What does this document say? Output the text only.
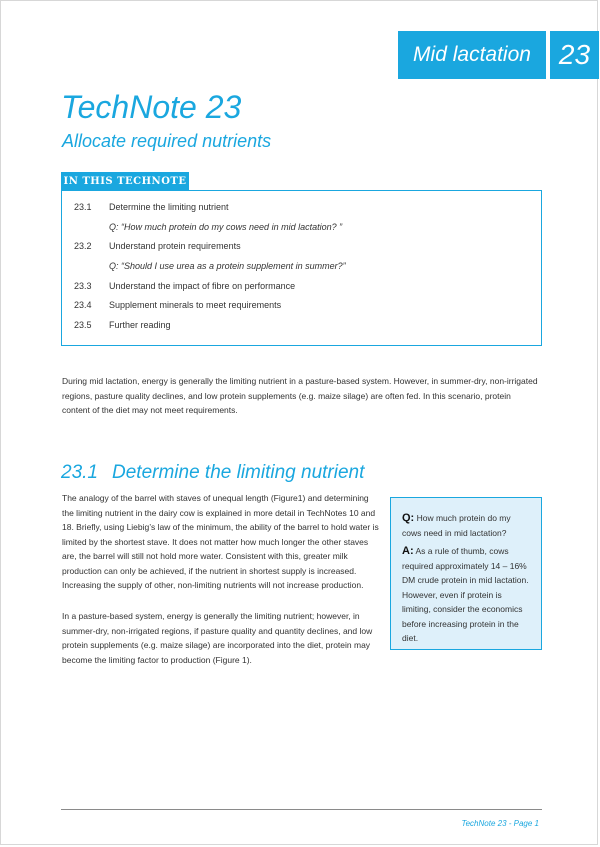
Mid lactation 23
TechNote 23
Allocate required nutrients
IN THIS TECHNOTE
23.1 Determine the limiting nutrient
Q: “How much protein do my cows need in mid lactation? ”
23.2 Understand protein requirements
Q: “Should I use urea as a protein supplement in summer?”
23.3 Understand the impact of fibre on performance
23.4 Supplement minerals to meet requirements
23.5 Further reading

During mid lactation, energy is generally the limiting nutrient in a pasture-based system. However, in summer-dry, non-irrigated regions, pasture quality declines, and low protein supplements (e.g. maize silage) are often fed. In this scenario, protein content of the diet may not meet requirements.

23.1 Determine the limiting nutrient

The analogy of the barrel with staves of unequal length (Figure1) and determining the limiting nutrient in the dairy cow is explained in more detail in TechNotes 10 and 18. Briefly, using Liebig’s law of the minimum, the ability of the barrel to hold water is limited by the shortest stave. It does not matter how much longer the other staves are, the barrel will still not hold more water. Consistent with this, greater milk production can only be achieved, if the nutrient in shortest supply is increased. Increasing the supply of other, non-limiting nutrients will not increase production.

In a pasture-based system, energy is generally the limiting nutrient; however, in summer-dry, non-irrigated regions, if pasture quality and quantity declines, and low protein supplements (e.g. maize silage) are incorporated into the diet, protein may become the limiting factor to production (Figure 1).

Q: How much protein do my cows need in mid lactation?

A: As a rule of thumb, cows required approximately 14 – 16% DM crude protein in mid lactation. However, even if protein is limiting, consider the economics before increasing protein in the diet.

TechNote 23 - Page 1
